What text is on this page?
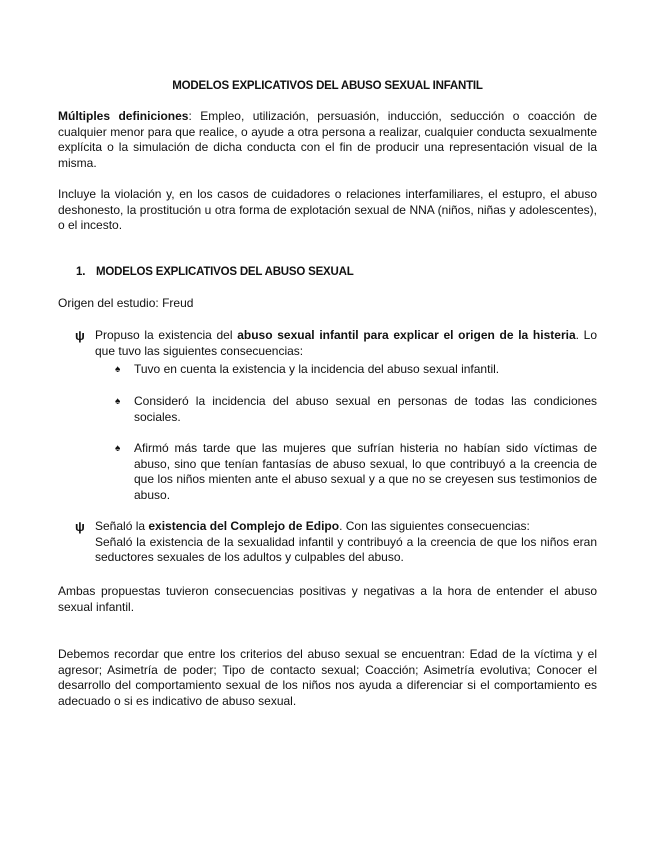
MODELOS EXPLICATIVOS DEL ABUSO SEXUAL INFANTIL
Múltiples definiciones: Empleo, utilización, persuasión, inducción, seducción o coacción de cualquier menor para que realice, o ayude a otra persona a realizar, cualquier conducta sexualmente explícita o la simulación de dicha conducta con el fin de producir una representación visual de la misma.
Incluye la violación y, en los casos de cuidadores o relaciones interfamiliares, el estupro, el abuso deshonesto, la prostitución u otra forma de explotación sexual de NNA (niños, niñas y adolescentes), o el incesto.
1. MODELOS EXPLICATIVOS DEL ABUSO SEXUAL
Origen del estudio: Freud
ψ Propuso la existencia del abuso sexual infantil para explicar el origen de la histeria. Lo que tuvo las siguientes consecuencias:
♠ Tuvo en cuenta la existencia y la incidencia del abuso sexual infantil.
♠ Consideró la incidencia del abuso sexual en personas de todas las condiciones sociales.
♠ Afirmó más tarde que las mujeres que sufrían histeria no habían sido víctimas de abuso, sino que tenían fantasías de abuso sexual, lo que contribuyó a la creencia de que los niños mienten ante el abuso sexual y a que no se creyesen sus testimonios de abuso.
ψ Señaló la existencia del Complejo de Edipo. Con las siguientes consecuencias:
Señaló la existencia de la sexualidad infantil y contribuyó a la creencia de que los niños eran seductores sexuales de los adultos y culpables del abuso.
Ambas propuestas tuvieron consecuencias positivas y negativas a la hora de entender el abuso sexual infantil.
Debemos recordar que entre los criterios del abuso sexual se encuentran: Edad de la víctima y el agresor; Asimetría de poder; Tipo de contacto sexual; Coacción; Asimetría evolutiva; Conocer el desarrollo del comportamiento sexual de los niños nos ayuda a diferenciar si el comportamiento es adecuado o si es indicativo de abuso sexual.
